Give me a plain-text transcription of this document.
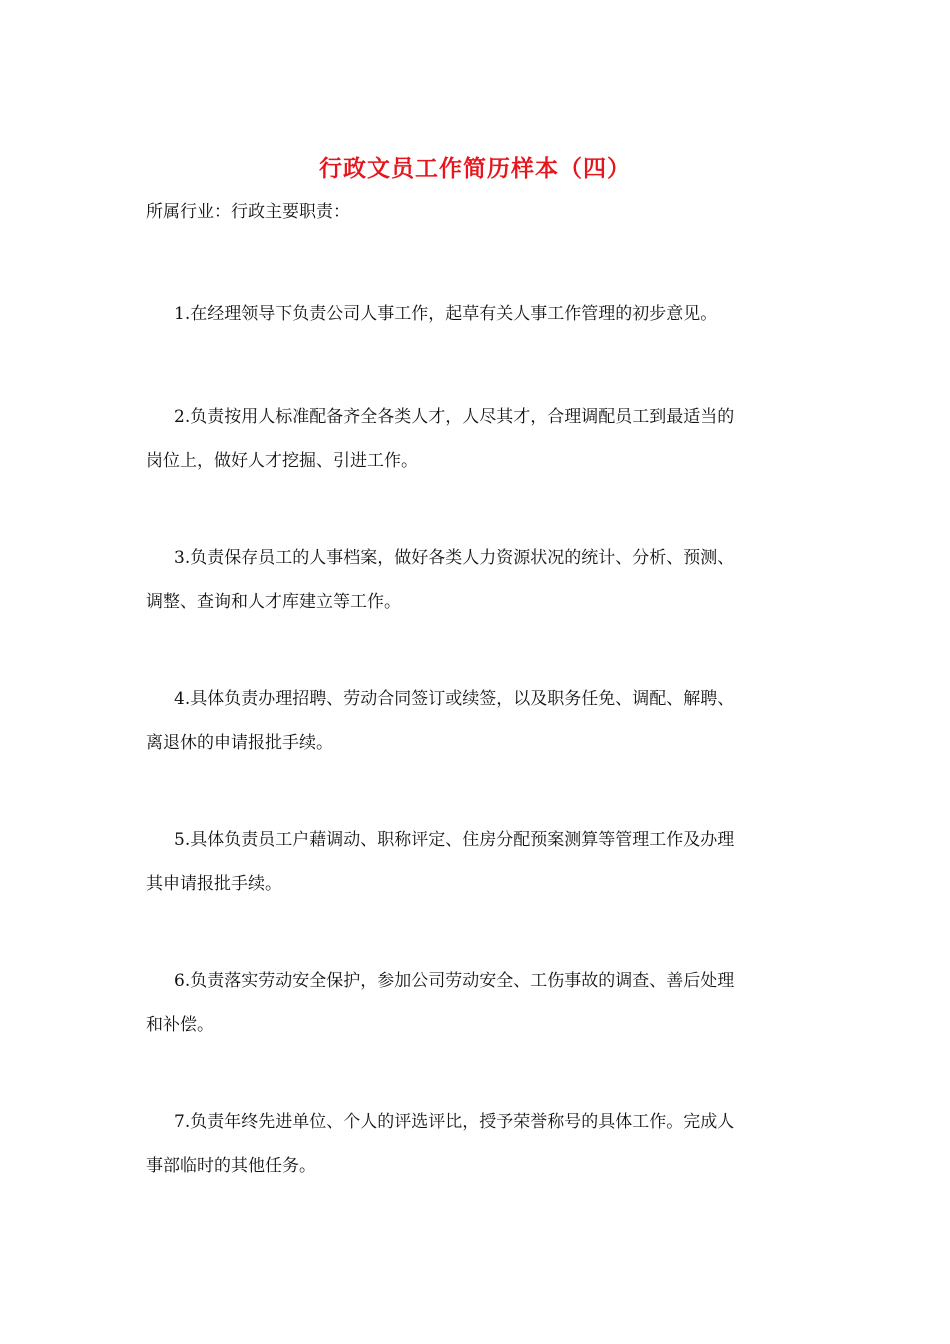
行政文员工作简历样本（四）
所属行业：行政主要职责：
1.在经理领导下负责公司人事工作，起草有关人事工作管理的初步意见。
2.负责按用人标准配备齐全各类人才，人尽其才，合理调配员工到最适当的
岗位上，做好人才挖掘、引进工作。
3.负责保存员工的人事档案，做好各类人力资源状况的统计、分析、预测、
调整、查询和人才库建立等工作。
4.具体负责办理招聘、劳动合同签订或续签，以及职务任免、调配、解聘、
离退休的申请报批手续。
5.具体负责员工户藉调动、职称评定、住房分配预案测算等管理工作及办理
其申请报批手续。
6.负责落实劳动安全保护，参加公司劳动安全、工伤事故的调查、善后处理
和补偿。
7.负责年终先进单位、个人的评选评比，授予荣誉称号的具体工作。完成人
事部临时的其他任务。
